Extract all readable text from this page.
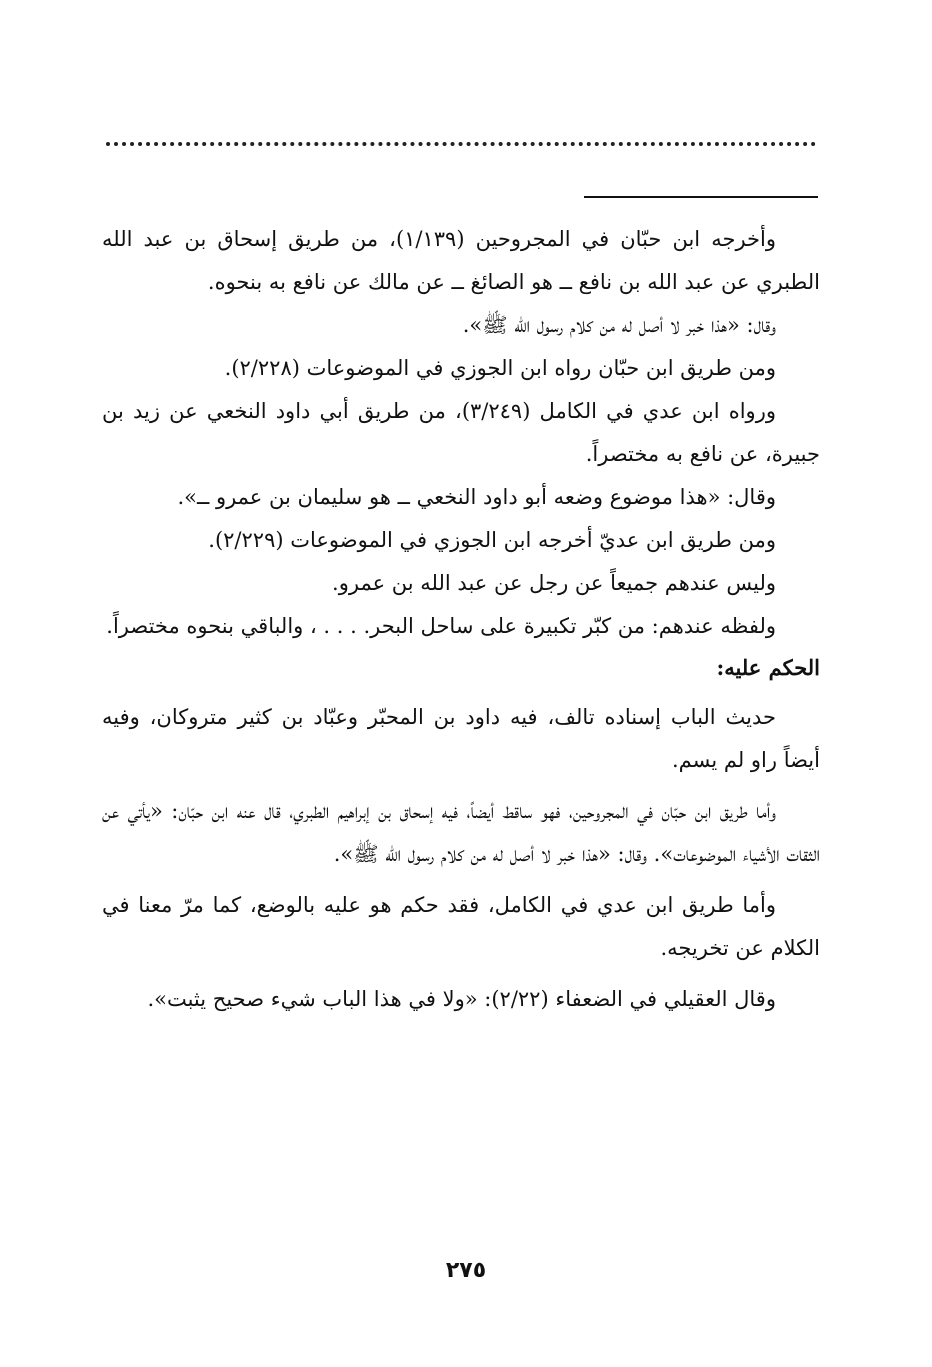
وأخرجه ابن حبّان في المجروحين (١/١٣٩)، من طريق إسحاق بن عبد الله الطبري عن عبد الله بن نافع ــ هو الصائغ ــ عن مالك عن نافع به بنحوه.

وقال: «هذا خبر لا أصل له من كلام رسول الله ﷺ».

ومن طريق ابن حبّان رواه ابن الجوزي في الموضوعات (٢/٢٢٨).

ورواه ابن عدي في الكامل (٣/٢٤٩)، من طريق أبي داود النخعي عن زيد بن جبيرة، عن نافع به مختصراً.

وقال: «هذا موضوع وضعه أبو داود النخعي ــ هو سليمان بن عمرو ــ».

ومن طريق ابن عديّ أخرجه ابن الجوزي في الموضوعات (٢/٢٢٩).

وليس عندهم جميعاً عن رجل عن عبد الله بن عمرو.

ولفظه عندهم: من كبّر تكبيرة على ساحل البحر. . . . ، والباقي بنحوه مختصراً.

الحكم عليه:

حديث الباب إسناده تالف، فيه داود بن المحبّر وعبّاد بن كثير متروكان، وفيه أيضاً راو لم يسم.

وأما طريق ابن حبّان في المجروحين، فهو ساقط أيضاً، فيه إسحاق بن إبراهيم الطبري، قال عنه ابن حبّان: «يأتي عن الثقات الأشياء الموضوعات». وقال: «هذا خبر لا أصل له من كلام رسول الله ﷺ».

وأما طريق ابن عدي في الكامل، فقد حكم هو عليه بالوضع، كما مرّ معنا في الكلام عن تخريجه.

وقال العقيلي في الضعفاء (٢/٢٢): «ولا في هذا الباب شيء صحيح يثبت».

٢٧٥
